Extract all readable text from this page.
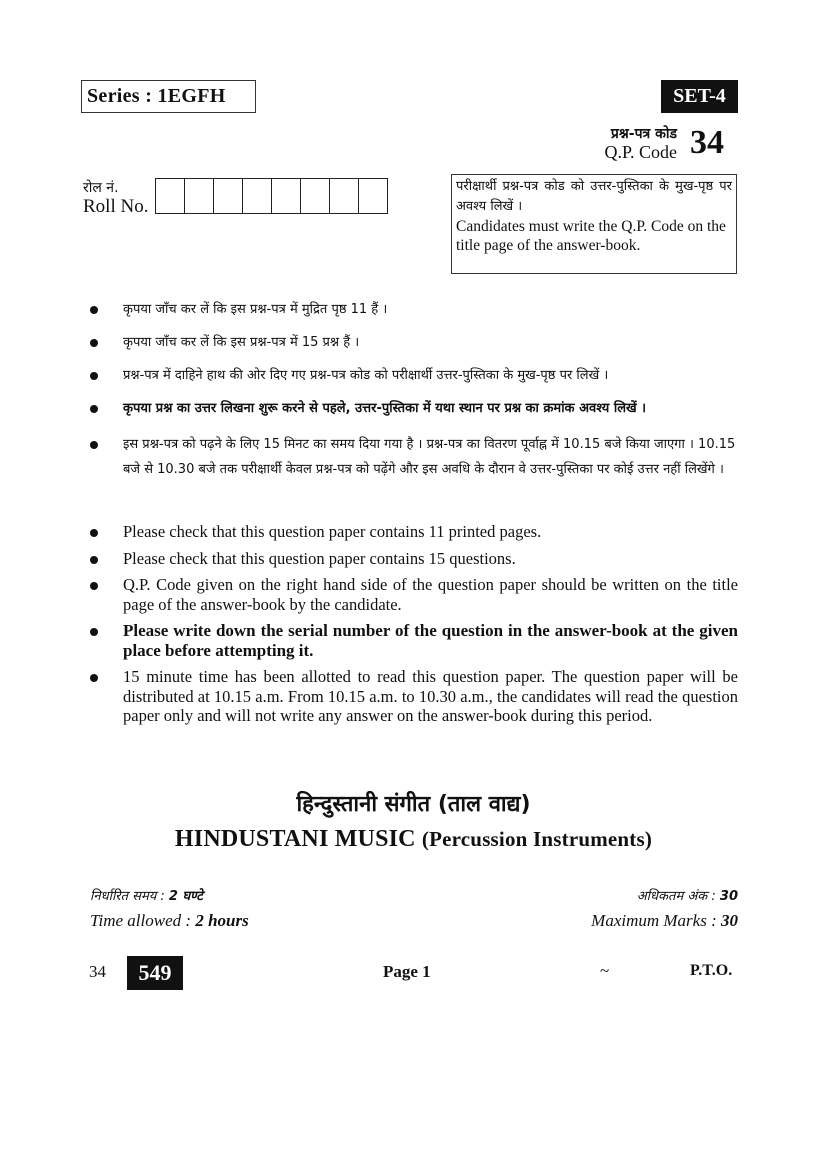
Series : 1EGFH	SET-4
प्रश्न-पत्र कोड
Q.P. Code 34
रोल नं.
Roll No.
परीक्षार्थी प्रश्न-पत्र कोड को उत्तर-पुस्तिका के मुख-पृष्ठ पर अवश्य लिखें ।
Candidates must write the Q.P. Code on the title page of the answer-book.
कृपया जाँच कर लें कि इस प्रश्न-पत्र में मुद्रित पृष्ठ 11 हैं ।
कृपया जाँच कर लें कि इस प्रश्न-पत्र में 15 प्रश्न हैं ।
प्रश्न-पत्र में दाहिने हाथ की ओर दिए गए प्रश्न-पत्र कोड को परीक्षार्थी उत्तर-पुस्तिका के मुख-पृष्ठ पर लिखें ।
कृपया प्रश्न का उत्तर लिखना शुरू करने से पहले, उत्तर-पुस्तिका में यथा स्थान पर प्रश्न का क्रमांक अवश्य लिखें ।
इस प्रश्न-पत्र को पढ़ने के लिए 15 मिनट का समय दिया गया है । प्रश्न-पत्र का वितरण पूर्वाह्न में 10.15 बजे किया जाएगा । 10.15 बजे से 10.30 बजे तक परीक्षार्थी केवल प्रश्न-पत्र को पढ़ेंगे और इस अवधि के दौरान वे उत्तर-पुस्तिका पर कोई उत्तर नहीं लिखेंगे ।
Please check that this question paper contains 11 printed pages.
Please check that this question paper contains 15 questions.
Q.P. Code given on the right hand side of the question paper should be written on the title page of the answer-book by the candidate.
Please write down the serial number of the question in the answer-book at the given place before attempting it.
15 minute time has been allotted to read this question paper. The question paper will be distributed at 10.15 a.m. From 10.15 a.m. to 10.30 a.m., the candidates will read the question paper only and will not write any answer on the answer-book during this period.
हिन्दुस्तानी संगीत (ताल वाद्य)
HINDUSTANI MUSIC (Percussion Instruments)
निर्धारित समय : 2 घण्टे
Time allowed : 2 hours
अधिकतम अंक : 30
Maximum Marks : 30
34	549	Page 1	~	P.T.O.
